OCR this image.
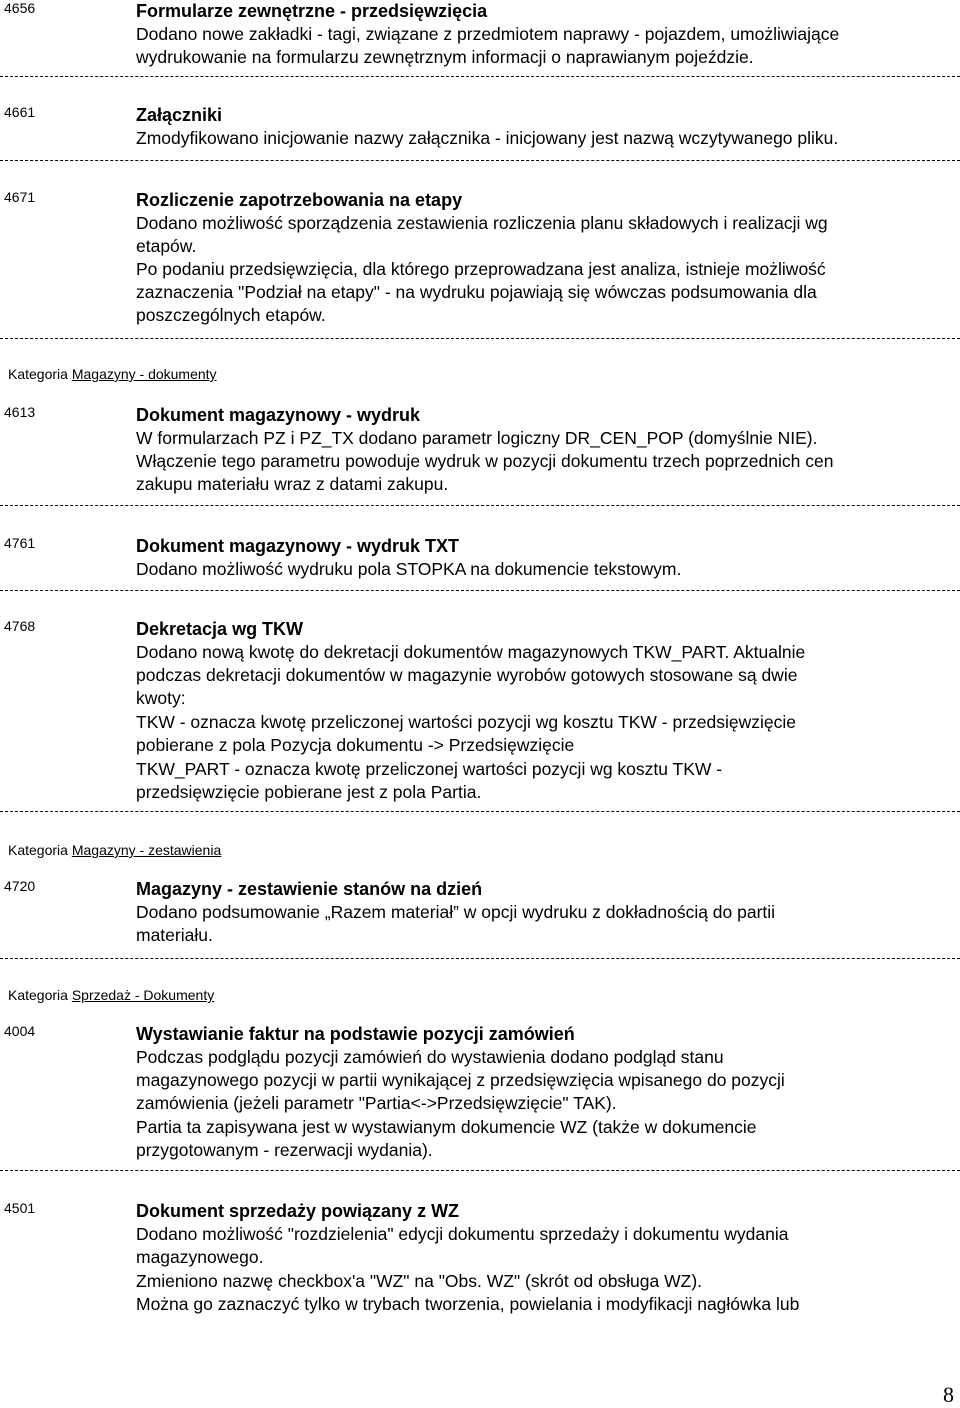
4656	Formularze zewnętrzne - przedsięwzięcia
Dodano nowe zakładki - tagi, związane z przedmiotem naprawy - pojazdem, umożliwiające
wydrukowanie na formularzu zewnętrznym informacji o naprawianym pojeździe.
4661	Załączniki
Zmodyfikowano inicjowanie nazwy załącznika - inicjowany jest nazwą wczytywanego pliku.
4671	Rozliczenie zapotrzebowania na etapy
Dodano możliwość sporządzenia zestawienia rozliczenia planu składowych i realizacji wg
etapów.
Po podaniu przedsięwzięcia, dla którego przeprowadzana jest analiza, istnieje możliwość
zaznaczenia "Podział na etapy" - na wydruku pojawiają się wówczas podsumowania dla
poszczególnych etapów.
Kategoria Magazyny - dokumenty
4613	Dokument magazynowy - wydruk
W formularzach PZ i PZ_TX dodano parametr logiczny DR_CEN_POP (domyślnie NIE).
Włączenie tego parametru powoduje wydruk w pozycji dokumentu trzech poprzednich cen
zakupu materiału wraz z datami zakupu.
4761	Dokument magazynowy - wydruk TXT
Dodano możliwość wydruku pola STOPKA na dokumencie tekstowym.
4768	Dekretacja wg TKW
Dodano nową kwotę do dekretacji dokumentów magazynowych TKW_PART. Aktualnie
podczas dekretacji dokumentów w magazynie wyrobów gotowych stosowane są dwie
kwoty:
TKW - oznacza kwotę przeliczonej wartości pozycji wg kosztu TKW - przedsięwzięcie
pobierane z pola Pozycja dokumentu -> Przedsięwzięcie
TKW_PART - oznacza kwotę przeliczonej wartości pozycji wg kosztu TKW -
przedsięwzięcie pobierane jest z pola Partia.
Kategoria Magazyny - zestawienia
4720	Magazyny - zestawienie stanów na dzień
Dodano podsumowanie „Razem materiał” w opcji wydruku z dokładnością do partii
materiału.
Kategoria Sprzedaż - Dokumenty
4004	Wystawianie faktur na podstawie pozycji zamówień
Podczas podglądu pozycji zamówień do wystawienia dodano podgląd stanu
magazynowego pozycji w partii wynikającej z przedsięwzięcia wpisanego do pozycji
zamówienia (jeżeli parametr "Partia<->Przedsięwzięcie" TAK).
Partia ta zapisywana jest w wystawianym dokumencie WZ (także w dokumencie
przygotowanym - rezerwacji wydania).
4501	Dokument sprzedaży powiązany z WZ
Dodano możliwość "rozdzielenia" edycji dokumentu sprzedaży i dokumentu wydania
magazynowego.
Zmieniono nazwę checkbox'a "WZ" na "Obs. WZ" (skrót od obsługa WZ).
Można go zaznaczyć tylko w trybach tworzenia, powielania i modyfikacji nagłówka lub
8
